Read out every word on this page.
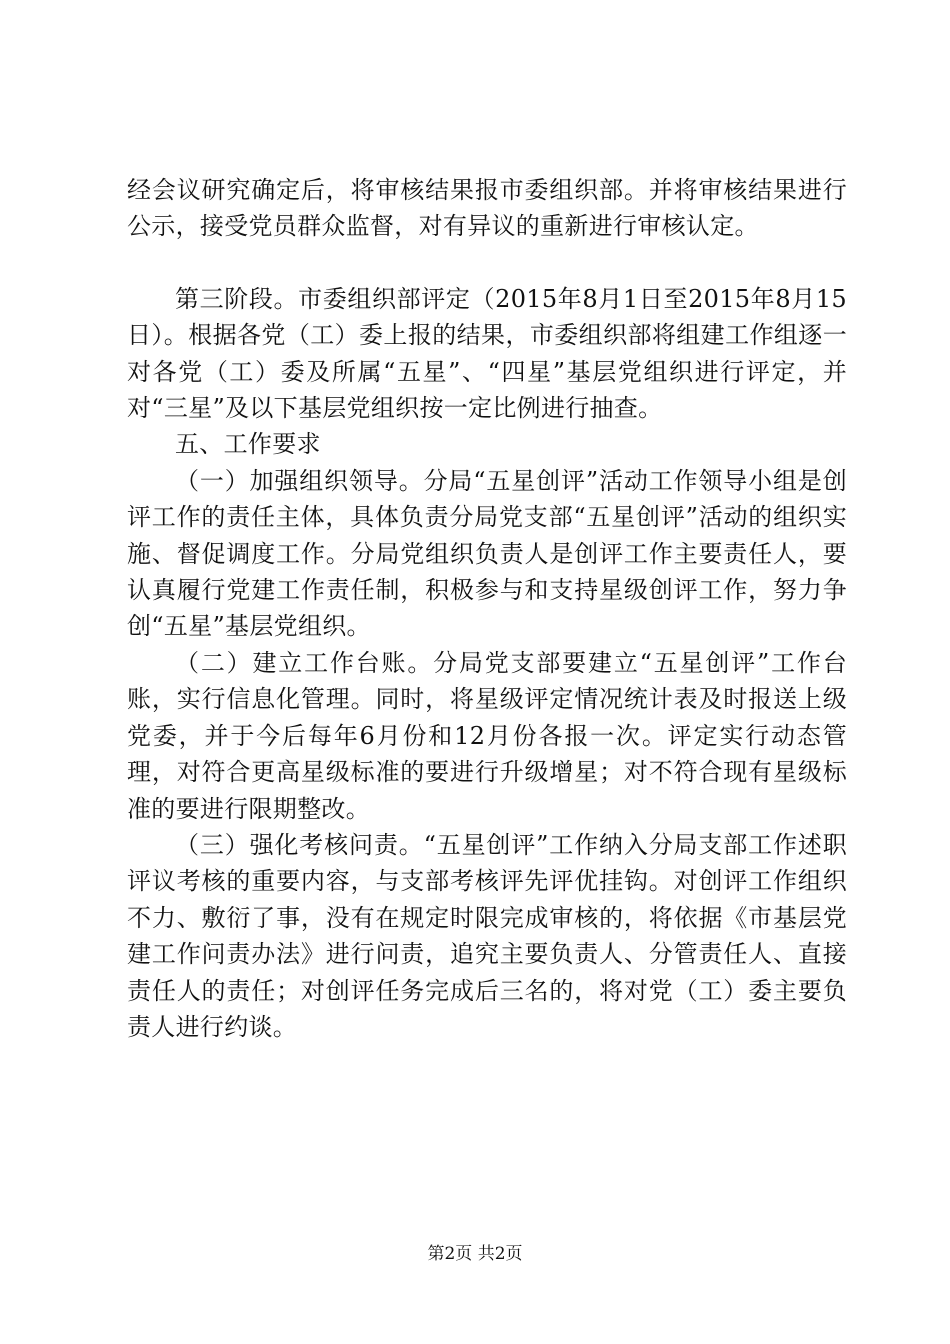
经会议研究确定后，将审核结果报市委组织部。并将审核结果进行公示，接受党员群众监督，对有异议的重新进行审核认定。

第三阶段。市委组织部评定（2015年8月1日至2015年8月15日）。根据各党（工）委上报的结果，市委组织部将组建工作组逐一对各党（工）委及所属“五星”、“四星”基层党组织进行评定，并对“三星”及以下基层党组织按一定比例进行抽查。

五、工作要求

（一）加强组织领导。分局“五星创评”活动工作领导小组是创评工作的责任主体，具体负责分局党支部“五星创评”活动的组织实施、督促调度工作。分局党组织负责人是创评工作主要责任人，要认真履行党建工作责任制，积极参与和支持星级创评工作，努力争创“五星”基层党组织。

（二）建立工作台账。分局党支部要建立“五星创评”工作台账，实行信息化管理。同时，将星级评定情况统计表及时报送上级党委，并于今后每年6月份和12月份各报一次。评定实行动态管理，对符合更高星级标准的要进行升级增星；对不符合现有星级标准的要进行限期整改。

（三）强化考核问责。“五星创评”工作纳入分局支部工作述职评议考核的重要内容，与支部考核评先评优挂钩。对创评工作组织不力、敷衍了事，没有在规定时限完成审核的，将依据《市基层党建工作问责办法》进行问责，追究主要负责人、分管责任人、直接责任人的责任；对创评任务完成后三名的，将对党（工）委主要负责人进行约谈。

第2页 共2页
